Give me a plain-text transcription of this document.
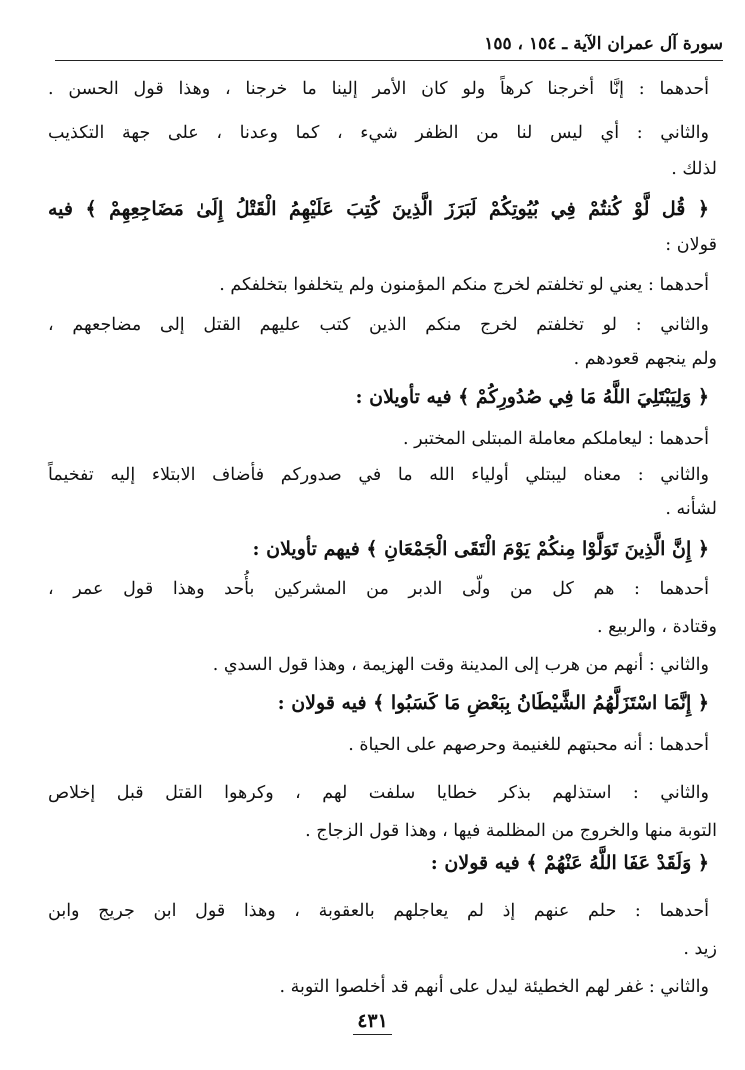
سورة آل عمران الآية ـ ١٥٤ ، ١٥٥
أحدهما : إنَّا أخرجنا كرهاً ولو كان الأمر إلينا ما خرجنا ، وهذا قول الحسن .
والثاني : أي ليس لنا من الظفر شيء ، كما وعدنا ، على جهة التكذيب
لذلك .
﴿ قُل لَّوْ كُنتُمْ فِي بُيُوتِكُمْ لَبَرَزَ الَّذِينَ كُتِبَ عَلَيْهِمُ الْقَتْلُ إِلَىٰ مَضَاجِعِهِمْ ﴾ فيه
قولان :
أحدهما : يعني لو تخلفتم لخرج منكم المؤمنون ولم يتخلفوا بتخلفكم .
والثاني : لو تخلفتم لخرج منكم الذين كتب عليهم القتل إلى مضاجعهم ،
ولم ينجهم قعودهم .
﴿ وَلِيَبْتَلِيَ اللَّهُ مَا فِي صُدُورِكُمْ ﴾ فيه تأويلان :
أحدهما : ليعاملكم معاملة المبتلى المختبر .
والثاني : معناه ليبتلي أولياء الله ما في صدوركم فأضاف الابتلاء إليه تفخيماً
لشأنه .
﴿ إِنَّ الَّذِينَ تَوَلَّوْا مِنكُمْ يَوْمَ الْتَقَى الْجَمْعَانِ ﴾ فيهم تأويلان :
أحدهما : هم كل من ولّى الدبر من المشركين بأُحد وهذا قول عمر ،
وقتادة ، والربيع .
والثاني : أنهم من هرب إلى المدينة وقت الهزيمة ، وهذا قول السدي .
﴿ إِنَّمَا اسْتَزَلَّهُمُ الشَّيْطَانُ بِبَعْضِ مَا كَسَبُوا ﴾ فيه قولان :
أحدهما : أنه محبتهم للغنيمة وحرصهم على الحياة .
والثاني : استذلهم بذكر خطايا سلفت لهم ، وكرهوا القتل قبل إخلاص
التوبة منها والخروج من المظلمة فيها ، وهذا قول الزجاج .
﴿ وَلَقَدْ عَفَا اللَّهُ عَنْهُمْ ﴾ فيه قولان :
أحدهما : حلم عنهم إذ لم يعاجلهم بالعقوبة ، وهذا قول ابن جريج وابن
زيد .
والثاني : غفر لهم الخطيئة ليدل على أنهم قد أخلصوا التوبة .
٤٣١
